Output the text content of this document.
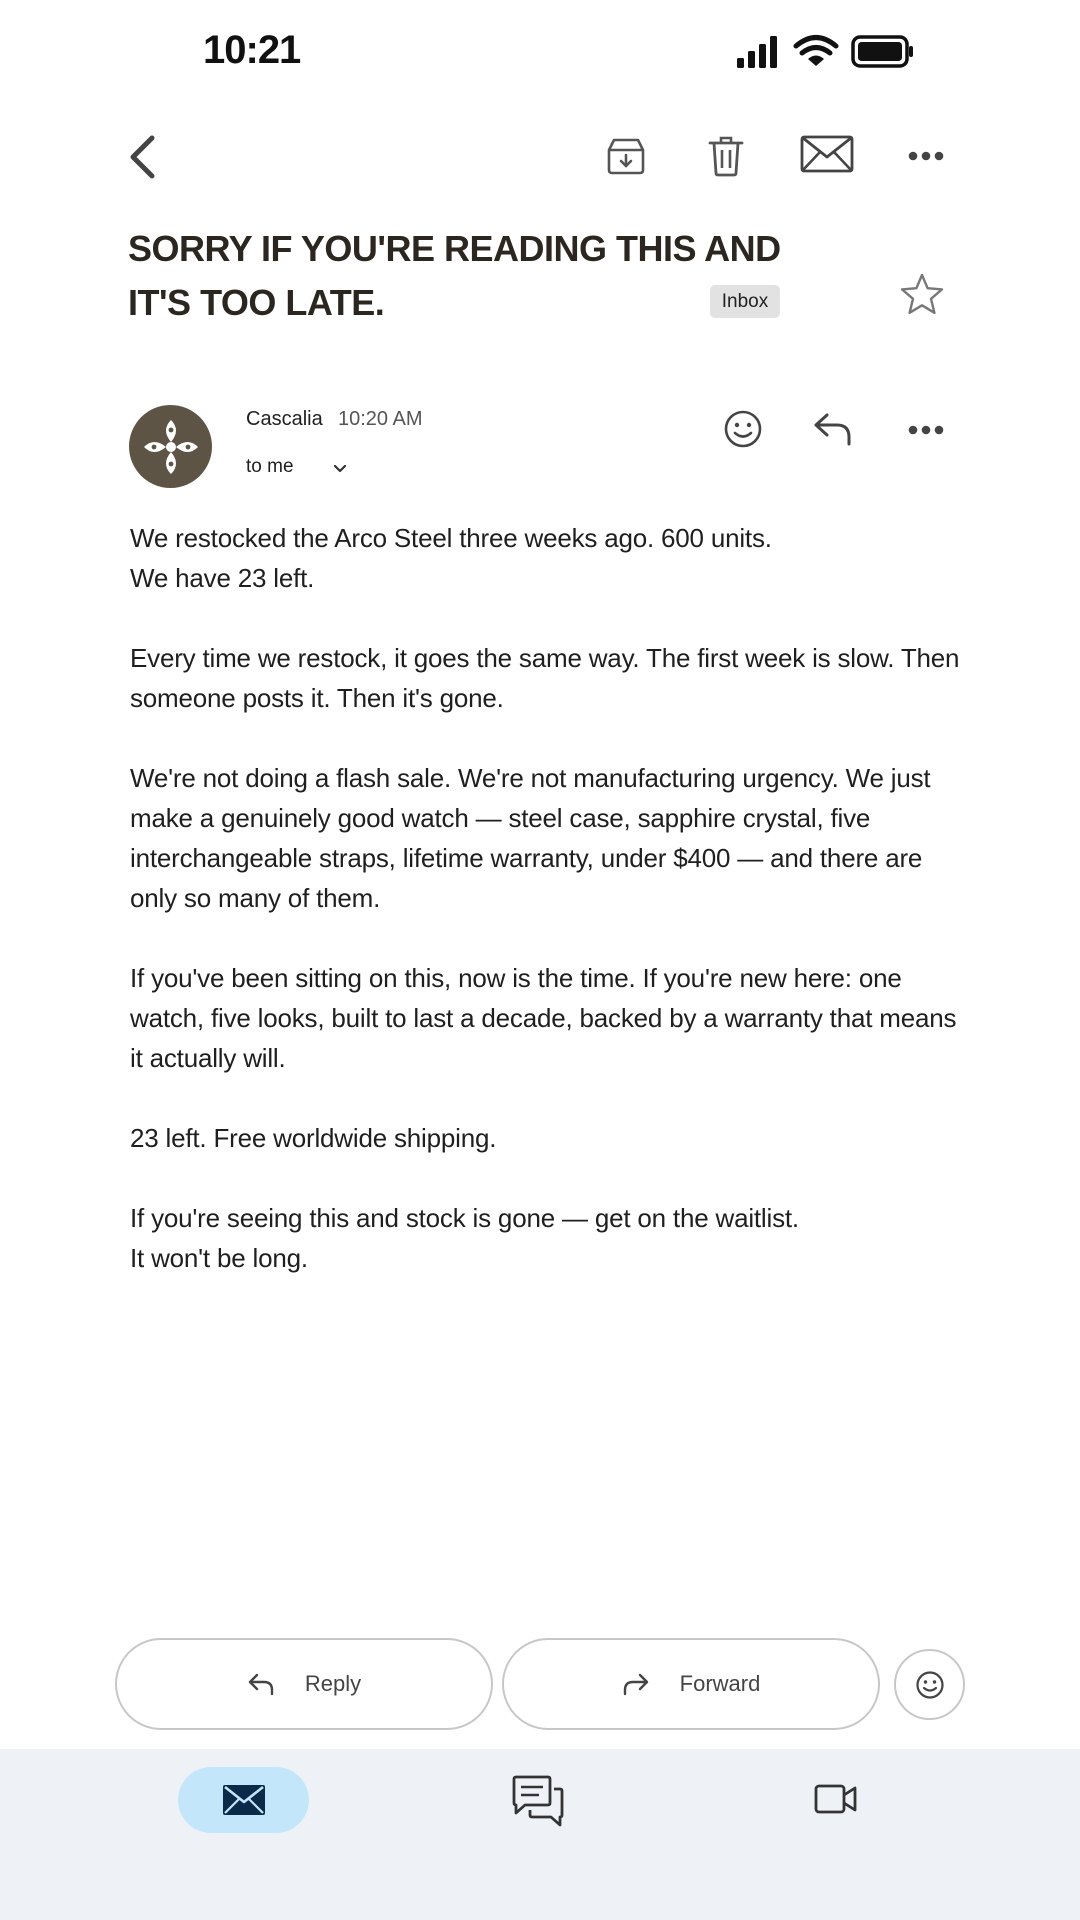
10:21
SORRY IF YOU'RE READING THIS AND IT'S TOO LATE.	Inbox
Cascalia 10:20 AM
to me

We restocked the Arco Steel three weeks ago. 600 units.
We have 23 left.

Every time we restock, it goes the same way. The first week is slow. Then someone posts it. Then it's gone.

We're not doing a flash sale. We're not manufacturing urgency. We just make a genuinely good watch — steel case, sapphire crystal, five interchangeable straps, lifetime warranty, under $400 — and there are only so many of them.

If you've been sitting on this, now is the time. If you're new here: one watch, five looks, built to last a decade, backed by a warranty that means it actually will.

23 left. Free worldwide shipping.

If you're seeing this and stock is gone — get on the waitlist.
It won't be long.

Reply	Forward
